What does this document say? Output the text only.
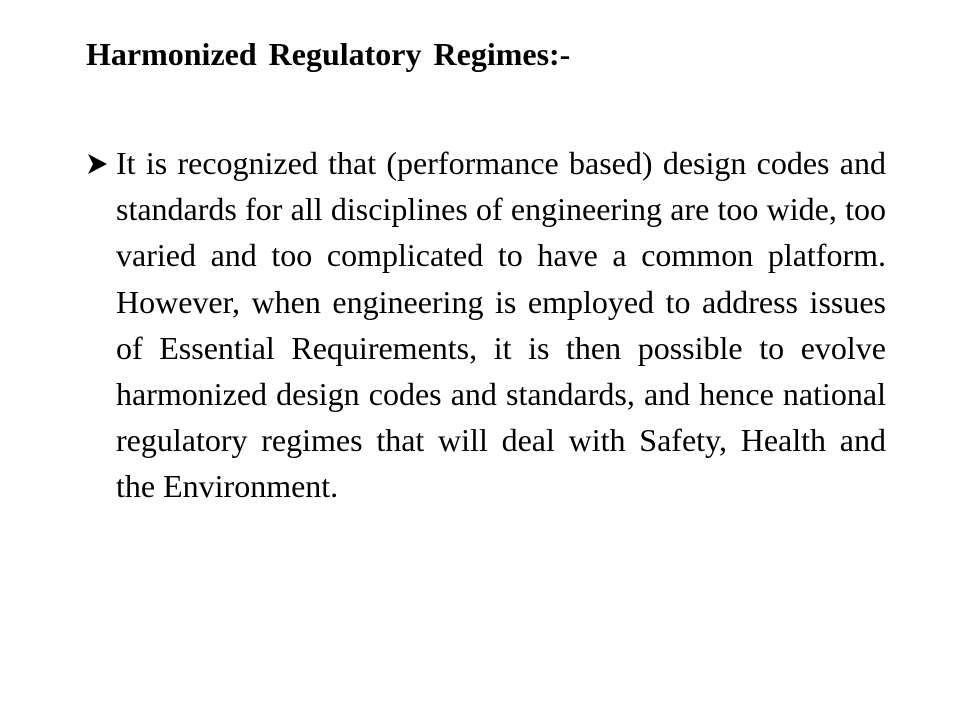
Harmonized Regulatory Regimes:-

It is recognized that (performance based) design codes and standards for all disciplines of engineering are too wide, too varied and too complicated to have a common platform. However, when engineering is employed to address issues of Essential Requirements, it is then possible to evolve harmonized design codes and standards, and hence national regulatory regimes that will deal with Safety, Health and the Environment.
